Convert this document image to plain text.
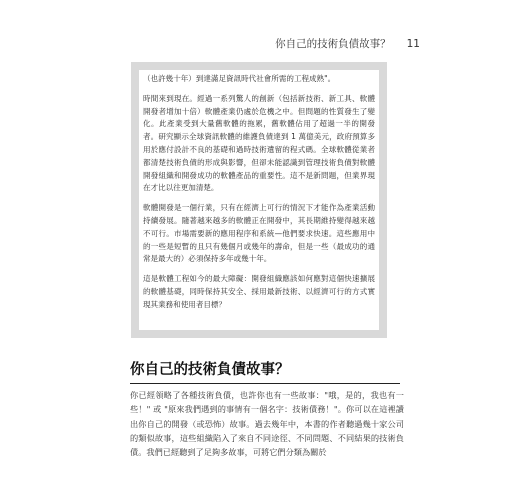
你自己的技術負債故事？ 11

（也許幾十年）到達滿足資訊時代社會所需的工程成熟"。

時間來到現在。經過一系列驚人的創新（包括新技術、新工具、軟體開發者增加十倍）軟體產業仍處於危機之中。但問題的性質發生了變化。此產業受到大量舊軟體的拖累，舊軟體佔用了超過一半的開發者。研究顯示全球資訊軟體的維護負債達到 1 萬億美元，政府預算多用於應付設計不良的基礎和過時技術遺留的程式碼。全球軟體從業者都清楚技術負債的形成與影響，但卻未能認識到管理技術負債對軟體開發組織和開發成功的軟體產品的重要性。這不是新問題，但業界現在才比以往更加清楚。

軟體開發是一個行業，只有在經濟上可行的情況下才能作為產業活動持續發展。隨著越來越多的軟體正在開發中，其長期維持變得越來越不可行。市場需要新的應用程序和系統—他們要求快速。這些應用中的一些是短暫的且只有幾個月或幾年的壽命，但是一些（最成功的通常是最大的）必須保持多年或幾十年。

這是軟體工程如今的最大障礙：開發組織應該如何應對這個快速擴展的軟體基礎，同時保持其安全、採用最新技術、以經濟可行的方式實現其業務和使用者目標？

你自己的技術負債故事？

你已經領略了各種技術負債，也許你也有一些故事："哦，是的，我也有一些！" 或 "原來我們遇到的事情有一個名字：技術債務！"。你可以在這裡讀出你自己的開發（或恐怖）故事。過去幾年中，本書的作者聽過幾十家公司的類似故事，這些組織陷入了來自不同途徑、不同問題、不同結果的技術負債。我們已經聽到了足夠多故事，可將它們分類為關於
